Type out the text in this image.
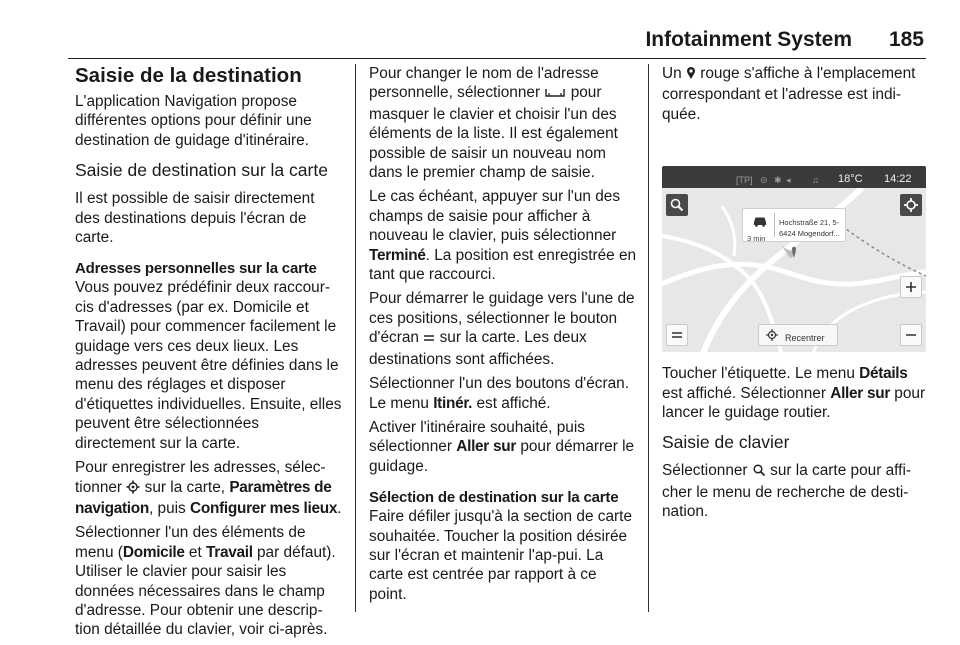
Infotainment System 185
Saisie de la destination

L'application Navigation propose différentes options pour définir une destination de guidage d'itinéraire.

Saisie de destination sur la carte

Il est possible de saisir directement des destinations depuis l'écran de carte.

Adresses personnelles sur la carte

Vous pouvez prédéfinir deux raccour-cis d'adresses (par ex. Domicile et Travail) pour commencer facilement le guidage vers ces deux lieux. Les adresses peuvent être définies dans le menu des réglages et disposer d'étiquettes individuelles. Ensuite, elles peuvent être sélectionnées directement sur la carte.

Pour enregistrer les adresses, sélec-tionner sur la carte, Paramètres de navigation, puis Configurer mes lieux.

Sélectionner l'un des éléments de menu (Domicile et Travail par défaut). Utiliser le clavier pour saisir les données nécessaires dans le champ d'adresse. Pour obtenir une descrip-tion détaillée du clavier, voir ci-après.

Pour changer le nom de l'adresse personnelle, sélectionner pour masquer le clavier et choisir l'un des éléments de la liste. Il est également possible de saisir un nouveau nom dans le premier champ de saisie.

Le cas échéant, appuyer sur l'un des champs de saisie pour afficher à nouveau le clavier, puis sélectionner Terminé. La position est enregistrée en tant que raccourci.

Pour démarrer le guidage vers l'une de ces positions, sélectionner le bouton d'écran sur la carte. Les deux destinations sont affichées.

Sélectionner l'un des boutons d'écran. Le menu Itinér. est affiché.

Activer l'itinéraire souhaité, puis sélectionner Aller sur pour démarrer le guidage.

Sélection de destination sur la carte

Faire défiler jusqu'à la section de carte souhaitée. Toucher la position désirée sur l'écran et maintenir l'ap-pui. La carte est centrée par rapport à ce point.

Un rouge s'affiche à l'emplacement correspondant et l'adresse est indi-quée.

[TP] ⊝ ✱ ◂ ♫ 18°C 14:22
3 min
Hochstraße 21, 5-
6424 Mogendorf...
Recentrer

Toucher l'étiquette. Le menu Détails est affiché. Sélectionner Aller sur pour lancer le guidage routier.

Saisie de clavier

Sélectionner sur la carte pour affi-cher le menu de recherche de desti-nation.
